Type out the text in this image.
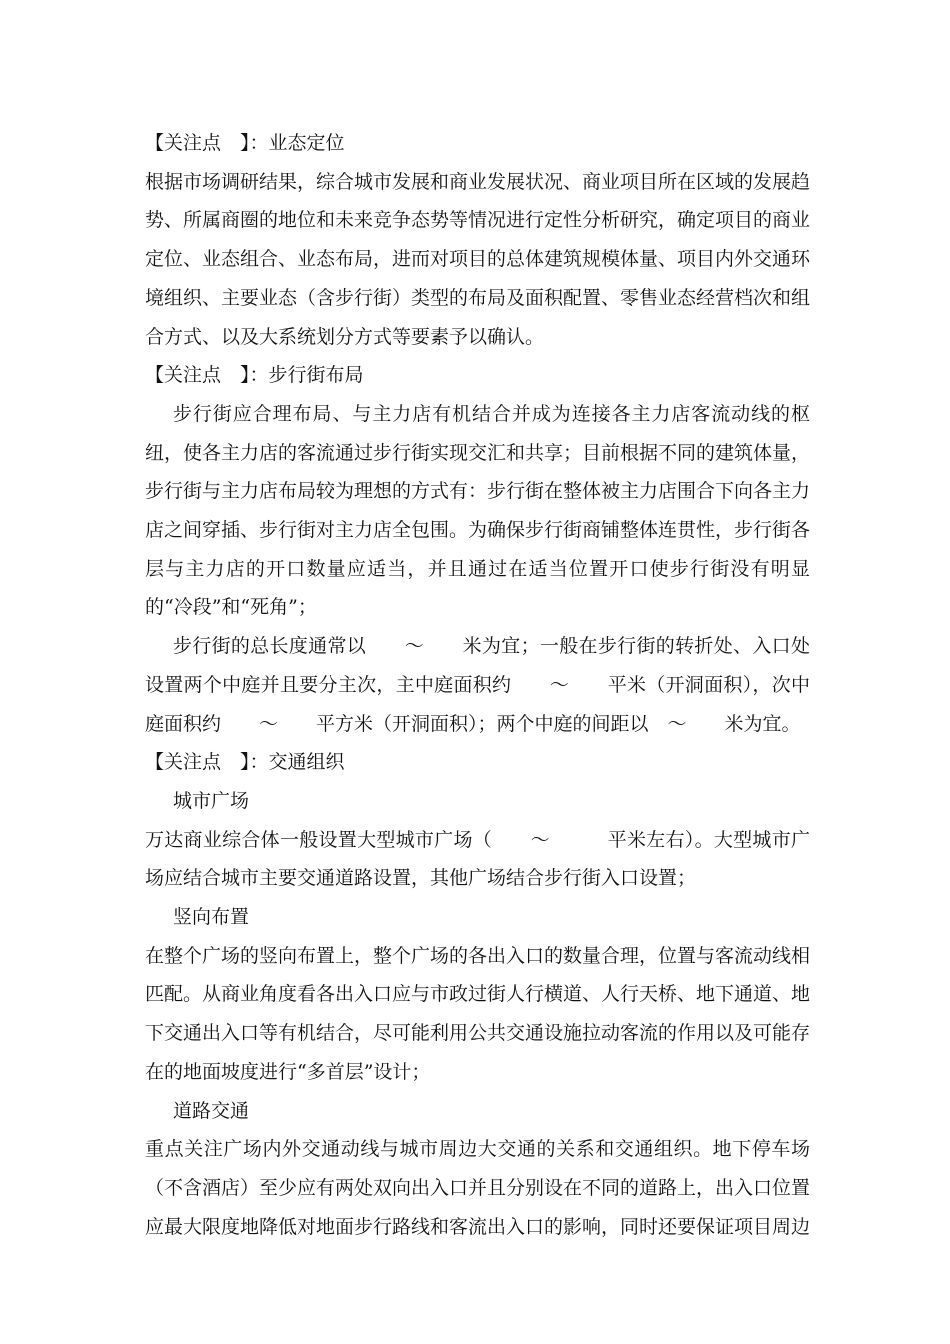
【关注点　】：业态定位

根据市场调研结果，综合城市发展和商业发展状况、商业项目所在区域的发展趋势、所属商圈的地位和未来竞争态势等情况进行定性分析研究，确定项目的商业定位、业态组合、业态布局，进而对项目的总体建筑规模体量、项目内外交通环境组织、主要业态（含步行街）类型的布局及面积配置、零售业态经营档次和组合方式、以及大系统划分方式等要素予以确认。

【关注点　】：步行街布局

步行街应合理布局、与主力店有机结合并成为连接各主力店客流动线的枢纽，使各主力店的客流通过步行街实现交汇和共享；目前根据不同的建筑体量，步行街与主力店布局较为理想的方式有：步行街在整体被主力店围合下向各主力店之间穿插、步行街对主力店全包围。为确保步行街商铺整体连贯性，步行街各层与主力店的开口数量应适当，并且通过在适当位置开口使步行街没有明显的“冷段”和“死角”；

步行街的总长度通常以　　～　　米为宜；一般在步行街的转折处、入口处设置两个中庭并且要分主次，主中庭面积约　　～　　平米（开洞面积），次中庭面积约　　～　　平方米（开洞面积）；两个中庭的间距以　～　　米为宜。

【关注点　】：交通组织

城市广场

万达商业综合体一般设置大型城市广场（　　～　　　平米左右）。大型城市广场应结合城市主要交通道路设置，其他广场结合步行街入口设置；

竖向布置

在整个广场的竖向布置上，整个广场的各出入口的数量合理，位置与客流动线相匹配。从商业角度看各出入口应与市政过街人行横道、人行天桥、地下通道、地下交通出入口等有机结合，尽可能利用公共交通设施拉动客流的作用以及可能存在的地面坡度进行“多首层”设计；

道路交通

重点关注广场内外交通动线与城市周边大交通的关系和交通组织。地下停车场（不含酒店）至少应有两处双向出入口并且分别设在不同的道路上，出入口位置应最大限度地降低对地面步行路线和客流出入口的影响，同时还要保证项目周边
